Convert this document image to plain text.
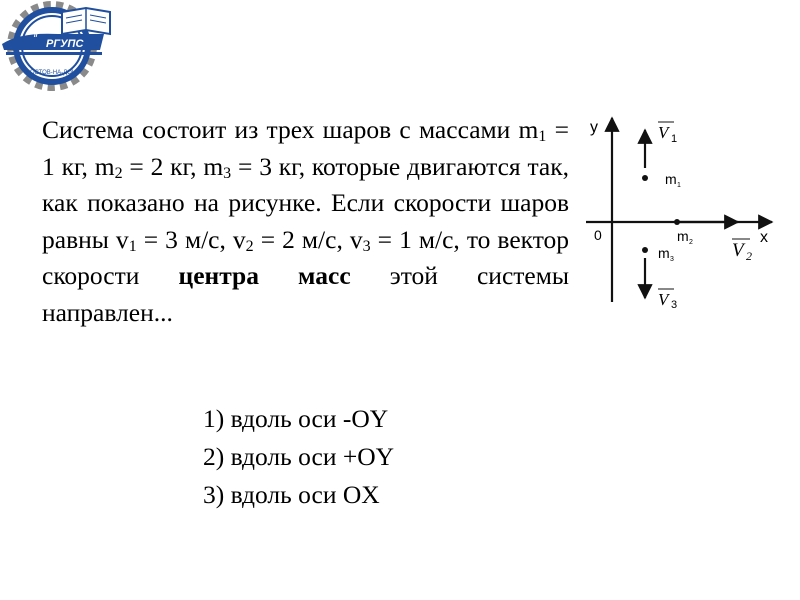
РГУПС
Ⅱ
РОСТОВ-НА-ДОНУ
Система состоит из трех шаров с массами $m_1 = 1$ кг, $m_2 = 2$ кг, $m_3 = 3$ кг, которые двигаются так, как показано на рисунке. Если скорости шаров равны $v_1 = 3$ м/с, $v_2 = 2$ м/с, $v_3 = 1$ м/с, то вектор скорости центра масс этой системы направлен...
у
х
0
V 1
V 2
V 3
m 1
m 2
m 3
1) вдоль оси -OY
2) вдоль оси +OY
3) вдоль оси OX
